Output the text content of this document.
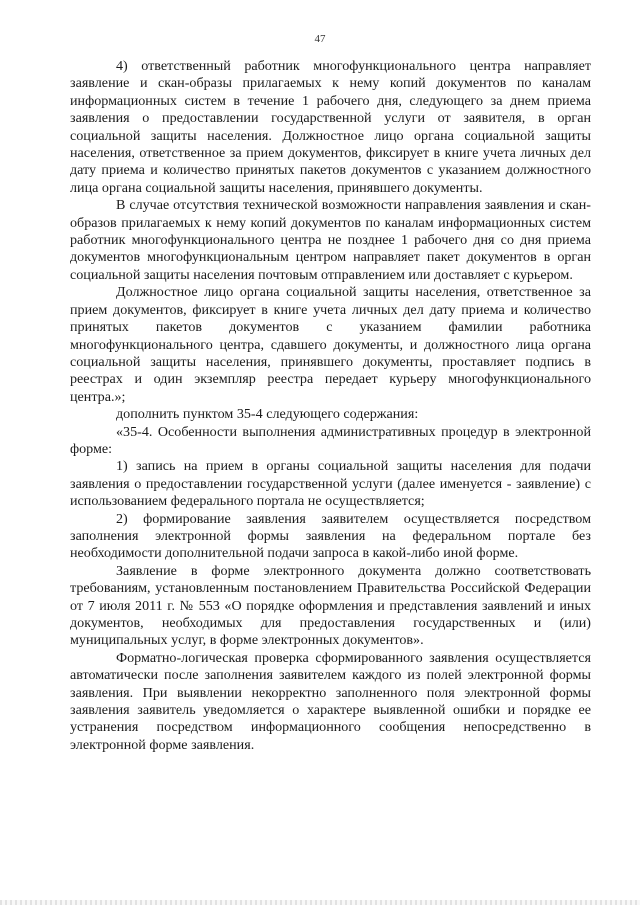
47

4) ответственный работник многофункционального центра направляет заявление и скан-образы прилагаемых к нему копий документов по каналам информационных систем в течение 1 рабочего дня, следующего за днем приема заявления о предоставлении государственной услуги от заявителя, в орган социальной защиты населения. Должностное лицо органа социальной защиты населения, ответственное за прием документов, фиксирует в книге учета личных дел дату приема и количество принятых пакетов документов с указанием должностного лица органа социальной защиты населения, принявшего документы.

В случае отсутствия технической возможности направления заявления и скан-образов прилагаемых к нему копий документов по каналам информационных систем работник многофункционального центра не позднее 1 рабочего дня со дня приема документов многофункциональным центром направляет пакет документов в орган социальной защиты населения почтовым отправлением или доставляет с курьером.

Должностное лицо органа социальной защиты населения, ответственное за прием документов, фиксирует в книге учета личных дел дату приема и количество принятых пакетов документов с указанием фамилии работника многофункционального центра, сдавшего документы, и должностного лица органа социальной защиты населения, принявшего документы, проставляет подпись в реестрах и один экземпляр реестра передает курьеру многофункционального центра.»;

дополнить пунктом 35-4 следующего содержания:

«35-4. Особенности выполнения административных процедур в электронной форме:

1) запись на прием в органы социальной защиты населения для подачи заявления о предоставлении государственной услуги (далее именуется - заявление) с использованием федерального портала не осуществляется;

2) формирование заявления заявителем осуществляется посредством заполнения электронной формы заявления на федеральном портале без необходимости дополнительной подачи запроса в какой-либо иной форме.

Заявление в форме электронного документа должно соответствовать требованиям, установленным постановлением Правительства Российской Федерации от 7 июля 2011 г. № 553 «О порядке оформления и представления заявлений и иных документов, необходимых для предоставления государственных и (или) муниципальных услуг, в форме электронных документов».

Форматно-логическая проверка сформированного заявления осуществляется автоматически после заполнения заявителем каждого из полей электронной формы заявления. При выявлении некорректно заполненного поля электронной формы заявления заявитель уведомляется о характере выявленной ошибки и порядке ее устранения посредством информационного сообщения непосредственно в электронной форме заявления.
